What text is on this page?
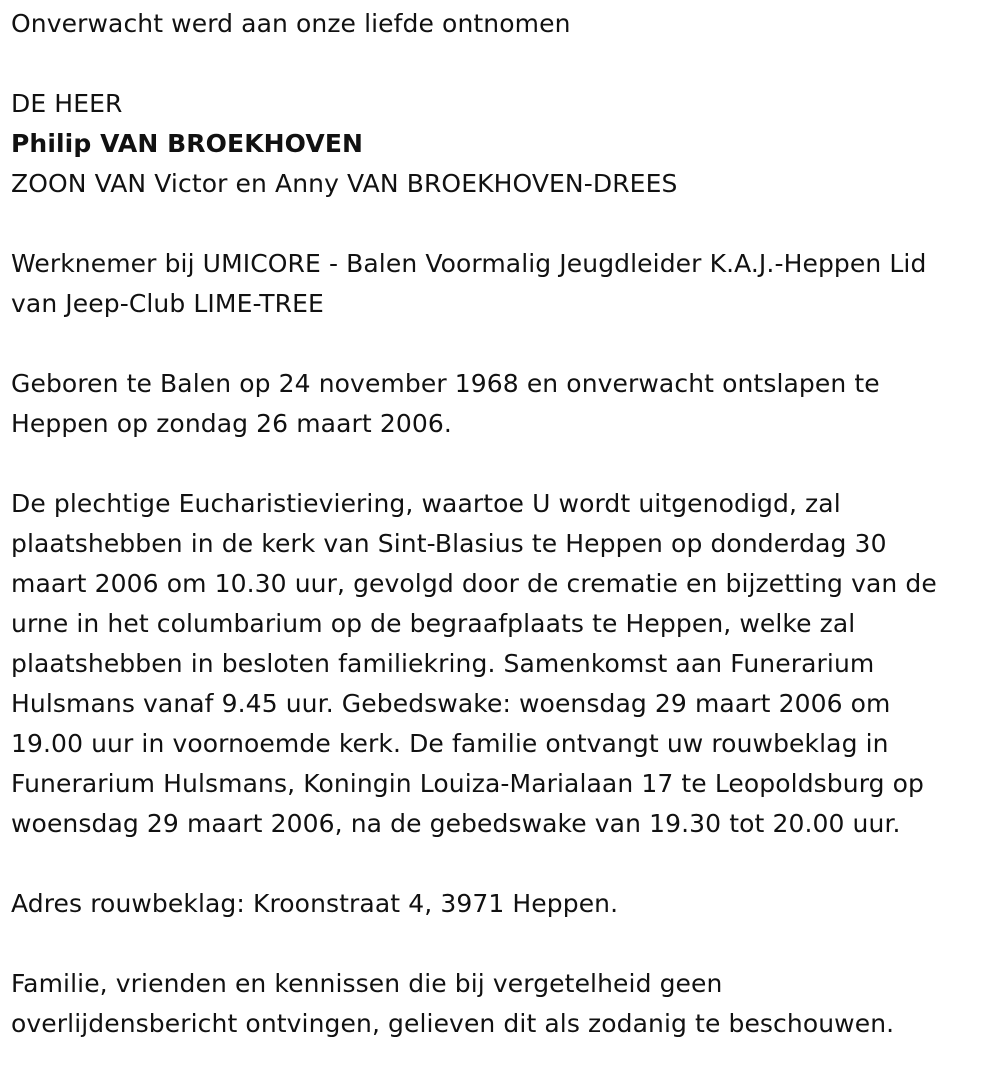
Onverwacht werd aan onze liefde ontnomen

DE HEER

Philip VAN BROEKHOVEN

ZOON VAN Victor en Anny VAN BROEKHOVEN-DREES

Werknemer bij UMICORE - Balen Voormalig Jeugdleider K.A.J.-Heppen Lid

van Jeep-Club LIME-TREE

Geboren te Balen op 24 november 1968 en onverwacht ontslapen te

Heppen op zondag 26 maart 2006.

De plechtige Eucharistieviering, waartoe U wordt uitgenodigd, zal

plaatshebben in de kerk van Sint-Blasius te Heppen op donderdag 30

maart 2006 om 10.30 uur, gevolgd door de crematie en bijzetting van de

urne in het columbarium op de begraafplaats te Heppen, welke zal

plaatshebben in besloten familiekring. Samenkomst aan Funerarium

Hulsmans vanaf 9.45 uur. Gebedswake: woensdag 29 maart 2006 om

19.00 uur in voornoemde kerk. De familie ontvangt uw rouwbeklag in

Funerarium Hulsmans, Koningin Louiza-Marialaan 17 te Leopoldsburg op

woensdag 29 maart 2006, na de gebedswake van 19.30 tot 20.00 uur.

Adres rouwbeklag: Kroonstraat 4, 3971 Heppen.

Familie, vrienden en kennissen die bij vergetelheid geen

overlijdensbericht ontvingen, gelieven dit als zodanig te beschouwen.
